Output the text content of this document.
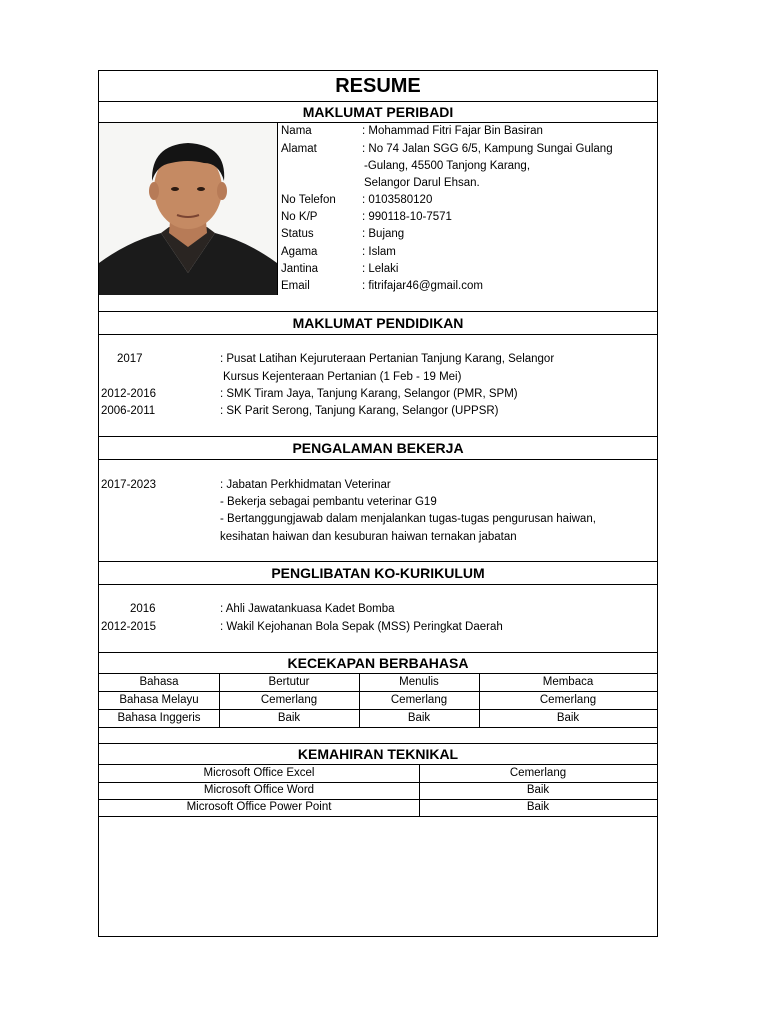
RESUME
MAKLUMAT PERIBADI
Nama	: Mohammad Fitri Fajar Bin Basiran
Alamat	: No 74 Jalan SGG 6/5, Kampung Sungai Gulang
-Gulang, 45500 Tanjong Karang,
Selangor Darul Ehsan.
No Telefon : 0103580120
No K/P	: 990118-10-7571
Status	: Bujang
Agama	: Islam
Jantina	: Lelaki
Email	: fitrifajar46@gmail.com
MAKLUMAT PENDIDIKAN
2017	: Pusat Latihan Kejuruteraan Pertanian Tanjung Karang, Selangor
Kursus Kejenteraan Pertanian (1 Feb - 19 Mei)
2012-2016	: SMK Tiram Jaya, Tanjung Karang, Selangor (PMR, SPM)
2006-2011	: SK Parit Serong, Tanjung Karang, Selangor (UPPSR)
PENGALAMAN BEKERJA
2017-2023	: Jabatan Perkhidmatan Veterinar
- Bekerja sebagai pembantu veterinar G19
- Bertanggungjawab dalam menjalankan tugas-tugas pengurusan haiwan,
kesihatan haiwan dan kesuburan haiwan ternakan jabatan
PENGLIBATAN KO-KURIKULUM
2016	: Ahli Jawatankuasa Kadet Bomba
2012-2015	: Wakil Kejohanan Bola Sepak (MSS) Peringkat Daerah
KECEKAPAN BERBAHASA
Bahasa	Bertutur	Menulis	Membaca
Bahasa Melayu	Cemerlang	Cemerlang	Cemerlang
Bahasa Inggeris	Baik	Baik	Baik
KEMAHIRAN TEKNIKAL
Microsoft Office Excel	Cemerlang
Microsoft Office Word	Baik
Microsoft Office Power Point	Baik
